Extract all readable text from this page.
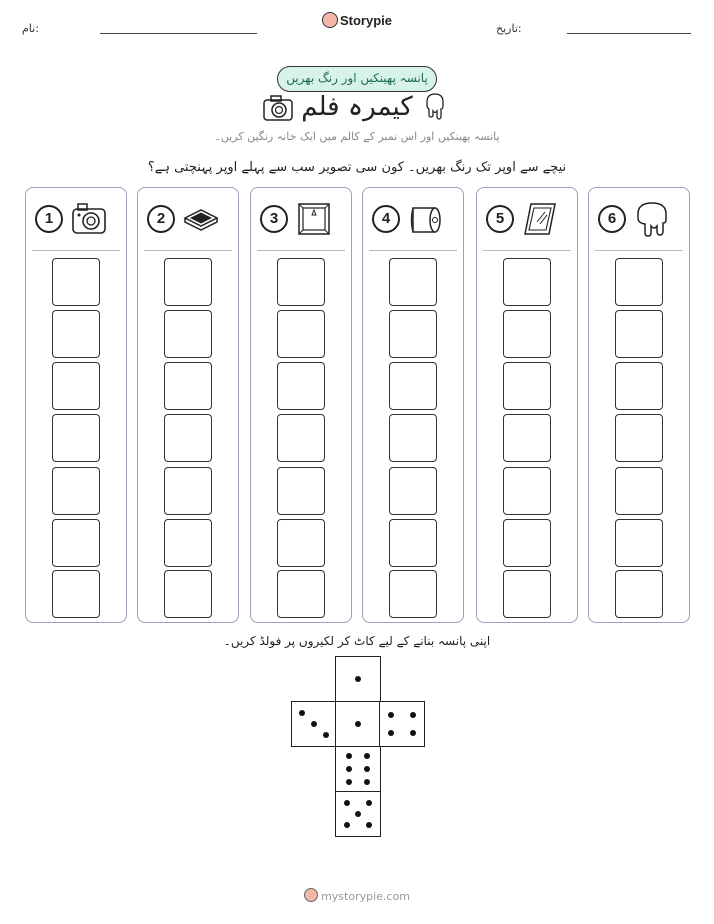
نام:
Storypie
تاریخ:
پانسہ پھینکیں اور رنگ بھریں
کیمرہ فلم
پانسہ پھینکیں اور اس نمبر کے کالم میں ایک خانہ رنگین کریں۔
نیچے سے اوپر تک رنگ بھریں۔ کون سی تصویر سب سے پہلے اوپر پہنچتی ہے؟
1	2	3	4	5	6
اپنی پانسہ بنانے کے لیے کاٹ کر لکیروں پر فولڈ کریں۔
mystorypie.com
